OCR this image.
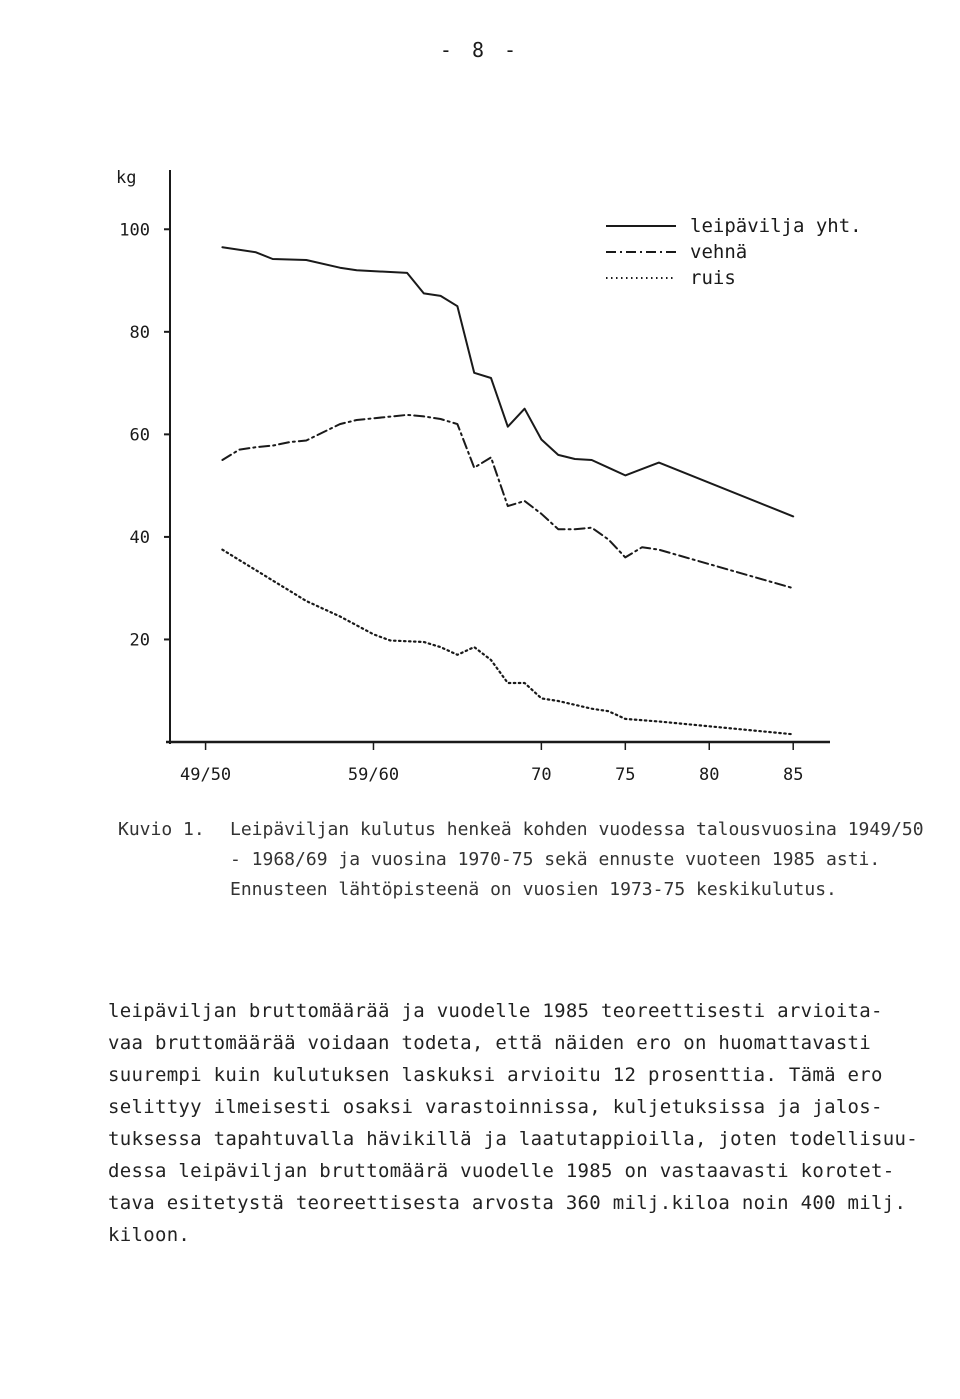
- 8 -
kg
20
40
60
80
100
49/50	59/60	70	75	80	85
leipävilja yht.
vehnä
ruis
Kuvio 1. Leipäviljan kulutus henkeä kohden vuodessa talousvuosina 1949/50 - 1968/69 ja vuosina 1970-75 sekä ennuste vuoteen 1985 asti. Ennusteen lähtöpisteenä on vuosien 1973-75 keskikulutus.

leipäviljan bruttomäärää ja vuodelle 1985 teoreettisesti arvioita-

vaa bruttomäärää voidaan todeta, että näiden ero on huomattavasti

suurempi kuin kulutuksen laskuksi arvioitu 12 prosenttia. Tämä ero

selittyy ilmeisesti osaksi varastoinnissa, kuljetuksissa ja jalos-

tuksessa tapahtuvalla hävikillä ja laatutappioilla, joten todellisuu-

dessa leipäviljan bruttomäärä vuodelle 1985 on vastaavasti korotet-

tava esitetystä teoreettisesta arvosta 360 milj.kiloa noin 400 milj.

kiloon.
